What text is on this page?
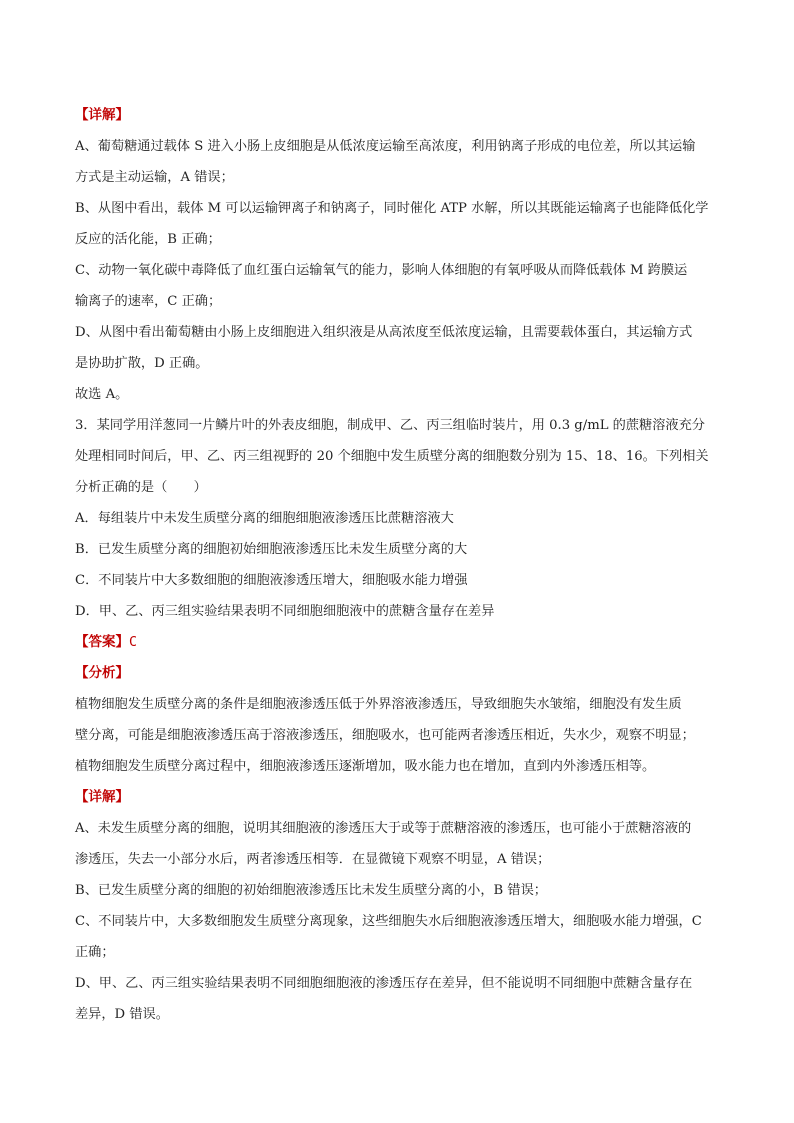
【详解】
A、葡萄糖通过载体 S 进入小肠上皮细胞是从低浓度运输至高浓度，利用钠离子形成的电位差，所以其运输
方式是主动运输，A 错误；
B、从图中看出，载体 M 可以运输钾离子和钠离子，同时催化 ATP 水解，所以其既能运输离子也能降低化学
反应的活化能，B 正确；
C、动物一氧化碳中毒降低了血红蛋白运输氧气的能力，影响人体细胞的有氧呼吸从而降低载体 M 跨膜运
输离子的速率，C 正确；
D、从图中看出葡萄糖由小肠上皮细胞进入组织液是从高浓度至低浓度运输，且需要载体蛋白，其运输方式
是协助扩散，D 正确。
故选 A。
3．某同学用洋葱同一片鳞片叶的外表皮细胞，制成甲、乙、丙三组临时装片，用 0.3 g/mL 的蔗糖溶液充分
处理相同时间后，甲、乙、丙三组视野的 20 个细胞中发生质壁分离的细胞数分别为 15、18、16。下列相关
分析正确的是（　　）
A．每组装片中未发生质壁分离的细胞细胞液渗透压比蔗糖溶液大
B．已发生质壁分离的细胞初始细胞液渗透压比未发生质壁分离的大
C．不同装片中大多数细胞的细胞液渗透压增大，细胞吸水能力增强
D．甲、乙、丙三组实验结果表明不同细胞细胞液中的蔗糖含量存在差异
【答案】C
【分析】
植物细胞发生质壁分离的条件是细胞液渗透压低于外界溶液渗透压，导致细胞失水皱缩，细胞没有发生质
壁分离，可能是细胞液渗透压高于溶液渗透压，细胞吸水，也可能两者渗透压相近，失水少，观察不明显；
植物细胞发生质壁分离过程中，细胞液渗透压逐渐增加，吸水能力也在增加，直到内外渗透压相等。
【详解】
A、未发生质壁分离的细胞，说明其细胞液的渗透压大于或等于蔗糖溶液的渗透压，也可能小于蔗糖溶液的
渗透压，失去一小部分水后，两者渗透压相等．在显微镜下观察不明显，A 错误；
B、已发生质壁分离的细胞的初始细胞液渗透压比未发生质壁分离的小，B 错误；
C、不同装片中，大多数细胞发生质壁分离现象，这些细胞失水后细胞液渗透压增大，细胞吸水能力增强，C
正确；
D、甲、乙、丙三组实验结果表明不同细胞细胞液的渗透压存在差异，但不能说明不同细胞中蔗糖含量存在
差异，D 错误。
